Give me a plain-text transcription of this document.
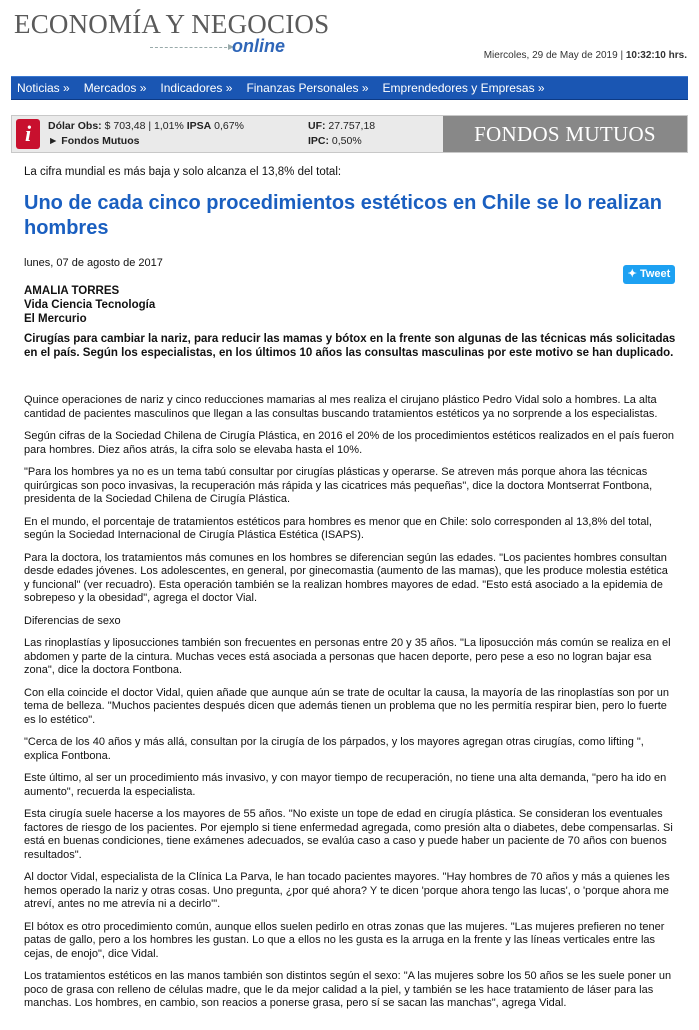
ECONOMÍA Y NEGOCIOS
online	Miercoles, 29 de May de 2019 | 10:32:10 hrs.
Noticias » Mercados » Indicadores » Finanzas Personales » Emprendedores y Empresas »
i	Dólar Obs: $ 703,48 | 1,01% IPSA 0,67%	UF: 27.757,18
► Fondos Mutuos	IPC: 0,50%	FONDOS MUTUOS
La cifra mundial es más baja y solo alcanza el 13,8% del total:
Uno de cada cinco procedimientos estéticos en Chile se lo realizan hombres
lunes, 07 de agosto de 2017
✦ Tweet
AMALIA TORRES
Vida Ciencia Tecnología
El Mercurio
Cirugías para cambiar la nariz, para reducir las mamas y bótox en la frente son algunas de las técnicas más solicitadas en el país. Según los especialistas, en los últimos 10 años las consultas masculinas por este motivo se han duplicado.

Quince operaciones de nariz y cinco reducciones mamarias al mes realiza el cirujano plástico Pedro Vidal solo a hombres. La alta cantidad de pacientes masculinos que llegan a las consultas buscando tratamientos estéticos ya no sorprende a los especialistas.

Según cifras de la Sociedad Chilena de Cirugía Plástica, en 2016 el 20% de los procedimientos estéticos realizados en el país fueron para hombres. Diez años atrás, la cifra solo se elevaba hasta el 10%.

"Para los hombres ya no es un tema tabú consultar por cirugías plásticas y operarse. Se atreven más porque ahora las técnicas quirúrgicas son poco invasivas, la recuperación más rápida y las cicatrices más pequeñas", dice la doctora Montserrat Fontbona, presidenta de la Sociedad Chilena de Cirugía Plástica.

En el mundo, el porcentaje de tratamientos estéticos para hombres es menor que en Chile: solo corresponden al 13,8% del total, según la Sociedad Internacional de Cirugía Plástica Estética (ISAPS).

Para la doctora, los tratamientos más comunes en los hombres se diferencian según las edades. "Los pacientes hombres consultan desde edades jóvenes. Los adolescentes, en general, por ginecomastia (aumento de las mamas), que les produce molestia estética y funcional" (ver recuadro). Esta operación también se la realizan hombres mayores de edad. "Esto está asociado a la epidemia de sobrepeso y la obesidad", agrega el doctor Vial.

Diferencias de sexo

Las rinoplastías y liposucciones también son frecuentes en personas entre 20 y 35 años. "La liposucción más común se realiza en el abdomen y parte de la cintura. Muchas veces está asociada a personas que hacen deporte, pero pese a eso no logran bajar esa zona", dice la doctora Fontbona.

Con ella coincide el doctor Vidal, quien añade que aunque aún se trate de ocultar la causa, la mayoría de las rinoplastías son por un tema de belleza. "Muchos pacientes después dicen que además tienen un problema que no les permitía respirar bien, pero lo fuerte es lo estético".

"Cerca de los 40 años y más allá, consultan por la cirugía de los párpados, y los mayores agregan otras cirugías, como lifting ", explica Fontbona.

Este último, al ser un procedimiento más invasivo, y con mayor tiempo de recuperación, no tiene una alta demanda, "pero ha ido en aumento", recuerda la especialista.

Esta cirugía suele hacerse a los mayores de 55 años. "No existe un tope de edad en cirugía plástica. Se consideran los eventuales factores de riesgo de los pacientes. Por ejemplo si tiene enfermedad agregada, como presión alta o diabetes, debe compensarlas. Si está en buenas condiciones, tiene exámenes adecuados, se evalúa caso a caso y puede haber un paciente de 70 años con buenos resultados".

Al doctor Vidal, especialista de la Clínica La Parva, le han tocado pacientes mayores. "Hay hombres de 70 años y más a quienes les hemos operado la nariz y otras cosas. Uno pregunta, ¿por qué ahora? Y te dicen 'porque ahora tengo las lucas', o 'porque ahora me atreví, antes no me atrevía ni a decirlo'".

El bótox es otro procedimiento común, aunque ellos suelen pedirlo en otras zonas que las mujeres. "Las mujeres prefieren no tener patas de gallo, pero a los hombres les gustan. Lo que a ellos no les gusta es la arruga en la frente y las líneas verticales entre las cejas, de enojo", dice Vidal.

Los tratamientos estéticos en las manos también son distintos según el sexo: "A las mujeres sobre los 50 años se les suele poner un poco de grasa con relleno de células madre, que le da mejor calidad a la piel, y también se les hace tratamiento de láser para las manchas. Los hombres, en cambio, son reacios a ponerse grasa, pero sí se sacan las manchas", agrega Vidal.
